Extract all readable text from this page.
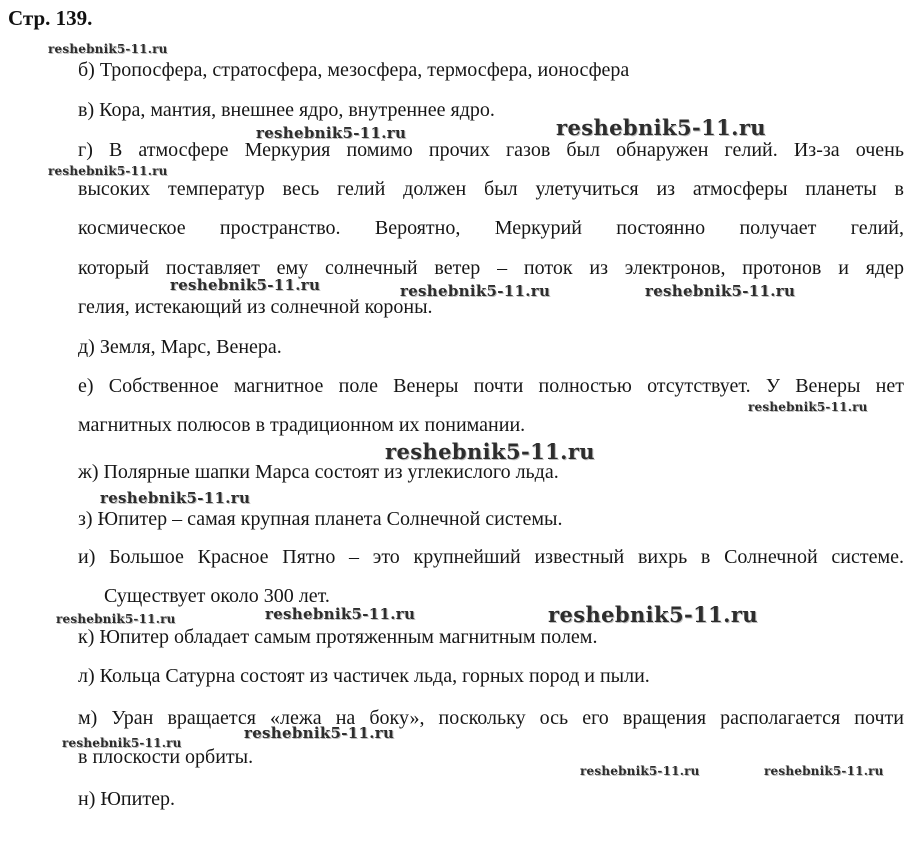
Стр. 139.
б) Тропосфера, стратосфера, мезосфера, термосфера, ионосфера
в) Кора, мантия, внешнее ядро, внутреннее ядро.
г) В атмосфере Меркурия помимо прочих газов был обнаружен гелий. Из-за очень
высоких температур весь гелий должен был улетучиться из атмосферы планеты в
космическое пространство. Вероятно, Меркурий постоянно получает гелий,
который поставляет ему солнечный ветер – поток из электронов, протонов и ядер
гелия, истекающий из солнечной короны.
д) Земля, Марс, Венера.
е) Собственное магнитное поле Венеры почти полностью отсутствует. У Венеры нет
магнитных полюсов в традиционном их понимании.
ж) Полярные шапки Марса состоят из углекислого льда.
з) Юпитер – самая крупная планета Солнечной системы.
и) Большое Красное Пятно – это крупнейший известный вихрь в Солнечной системе.
Существует около 300 лет.
к) Юпитер обладает самым протяженным магнитным полем.
л) Кольца Сатурна состоят из частичек льда, горных пород и пыли.
м) Уран вращается «лежа на боку», поскольку ось его вращения располагается почти
в плоскости орбиты.
н) Юпитер.
reshebnik5-11.ru
reshebnik5-11.ru	reshebnik5-11.ru
reshebnik5-11.ru
reshebnik5-11.ru	reshebnik5-11.ru	reshebnik5-11.ru
reshebnik5-11.ru
reshebnik5-11.ru
reshebnik5-11.ru
reshebnik5-11.ru	reshebnik5-11.ru	reshebnik5-11.ru
reshebnik5-11.ru
reshebnik5-11.ru
reshebnik5-11.ru	reshebnik5-11.ru
